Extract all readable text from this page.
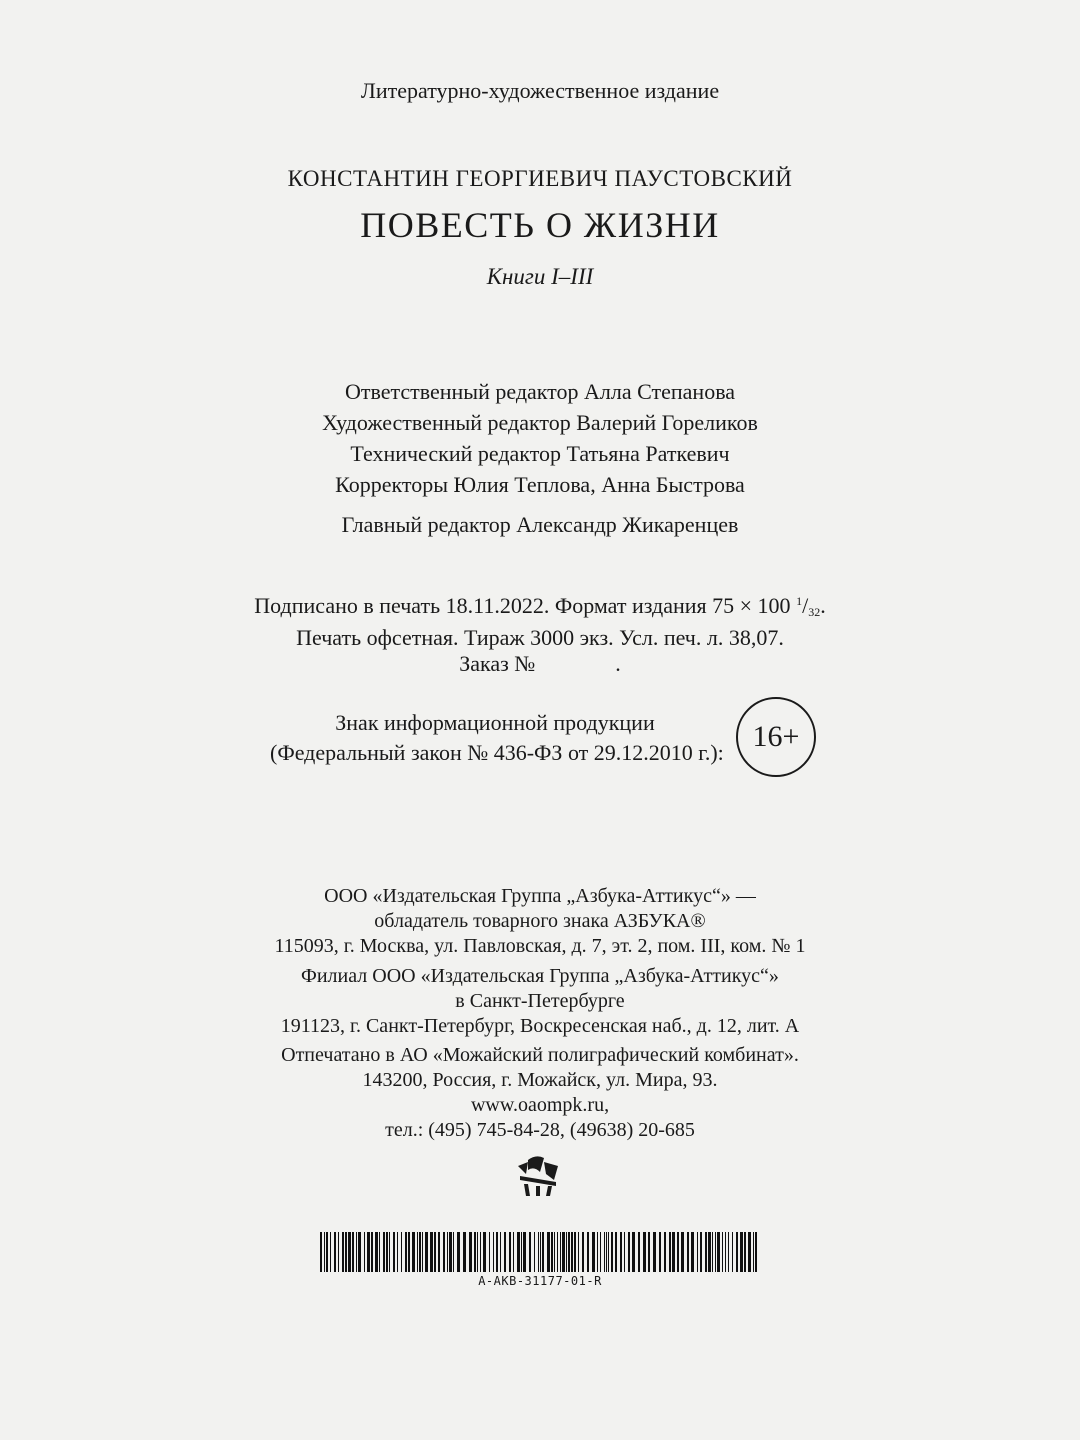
Литературно-художественное издание
КОНСТАНТИН ГЕОРГИЕВИЧ ПАУСТОВСКИЙ
ПОВЕСТЬ О ЖИЗНИ
Книги I–III
Ответственный редактор Алла Степанова
Художественный редактор Валерий Гореликов
Технический редактор Татьяна Раткевич
Корректоры Юлия Теплова, Анна Быстрова
Главный редактор Александр Жикаренцев
Подписано в печать 18.11.2022. Формат издания 75 × 100 $^1/_{32}$.
Печать офсетная. Тираж 3000 экз. Усл. печ. л. 38,07.
Заказ №	.
Знак информационной продукции
(Федеральный закон № 436-ФЗ от 29.12.2010 г.): 16+
ООО «Издательская Группа „Азбука-Аттикус“» —
обладатель товарного знака АЗБУКА®
115093, г. Москва, ул. Павловская, д. 7, эт. 2, пом. III, ком. № 1
Филиал ООО «Издательская Группа „Азбука-Аттикус“»
в Санкт-Петербурге
191123, г. Санкт-Петербург, Воскресенская наб., д. 12, лит. А
Отпечатано в АО «Можайский полиграфический комбинат».
143200, Россия, г. Можайск, ул. Мира, 93.
www.oaompk.ru,
тел.: (495) 745-84-28, (49638) 20-685
A-AKB-31177-01-R
